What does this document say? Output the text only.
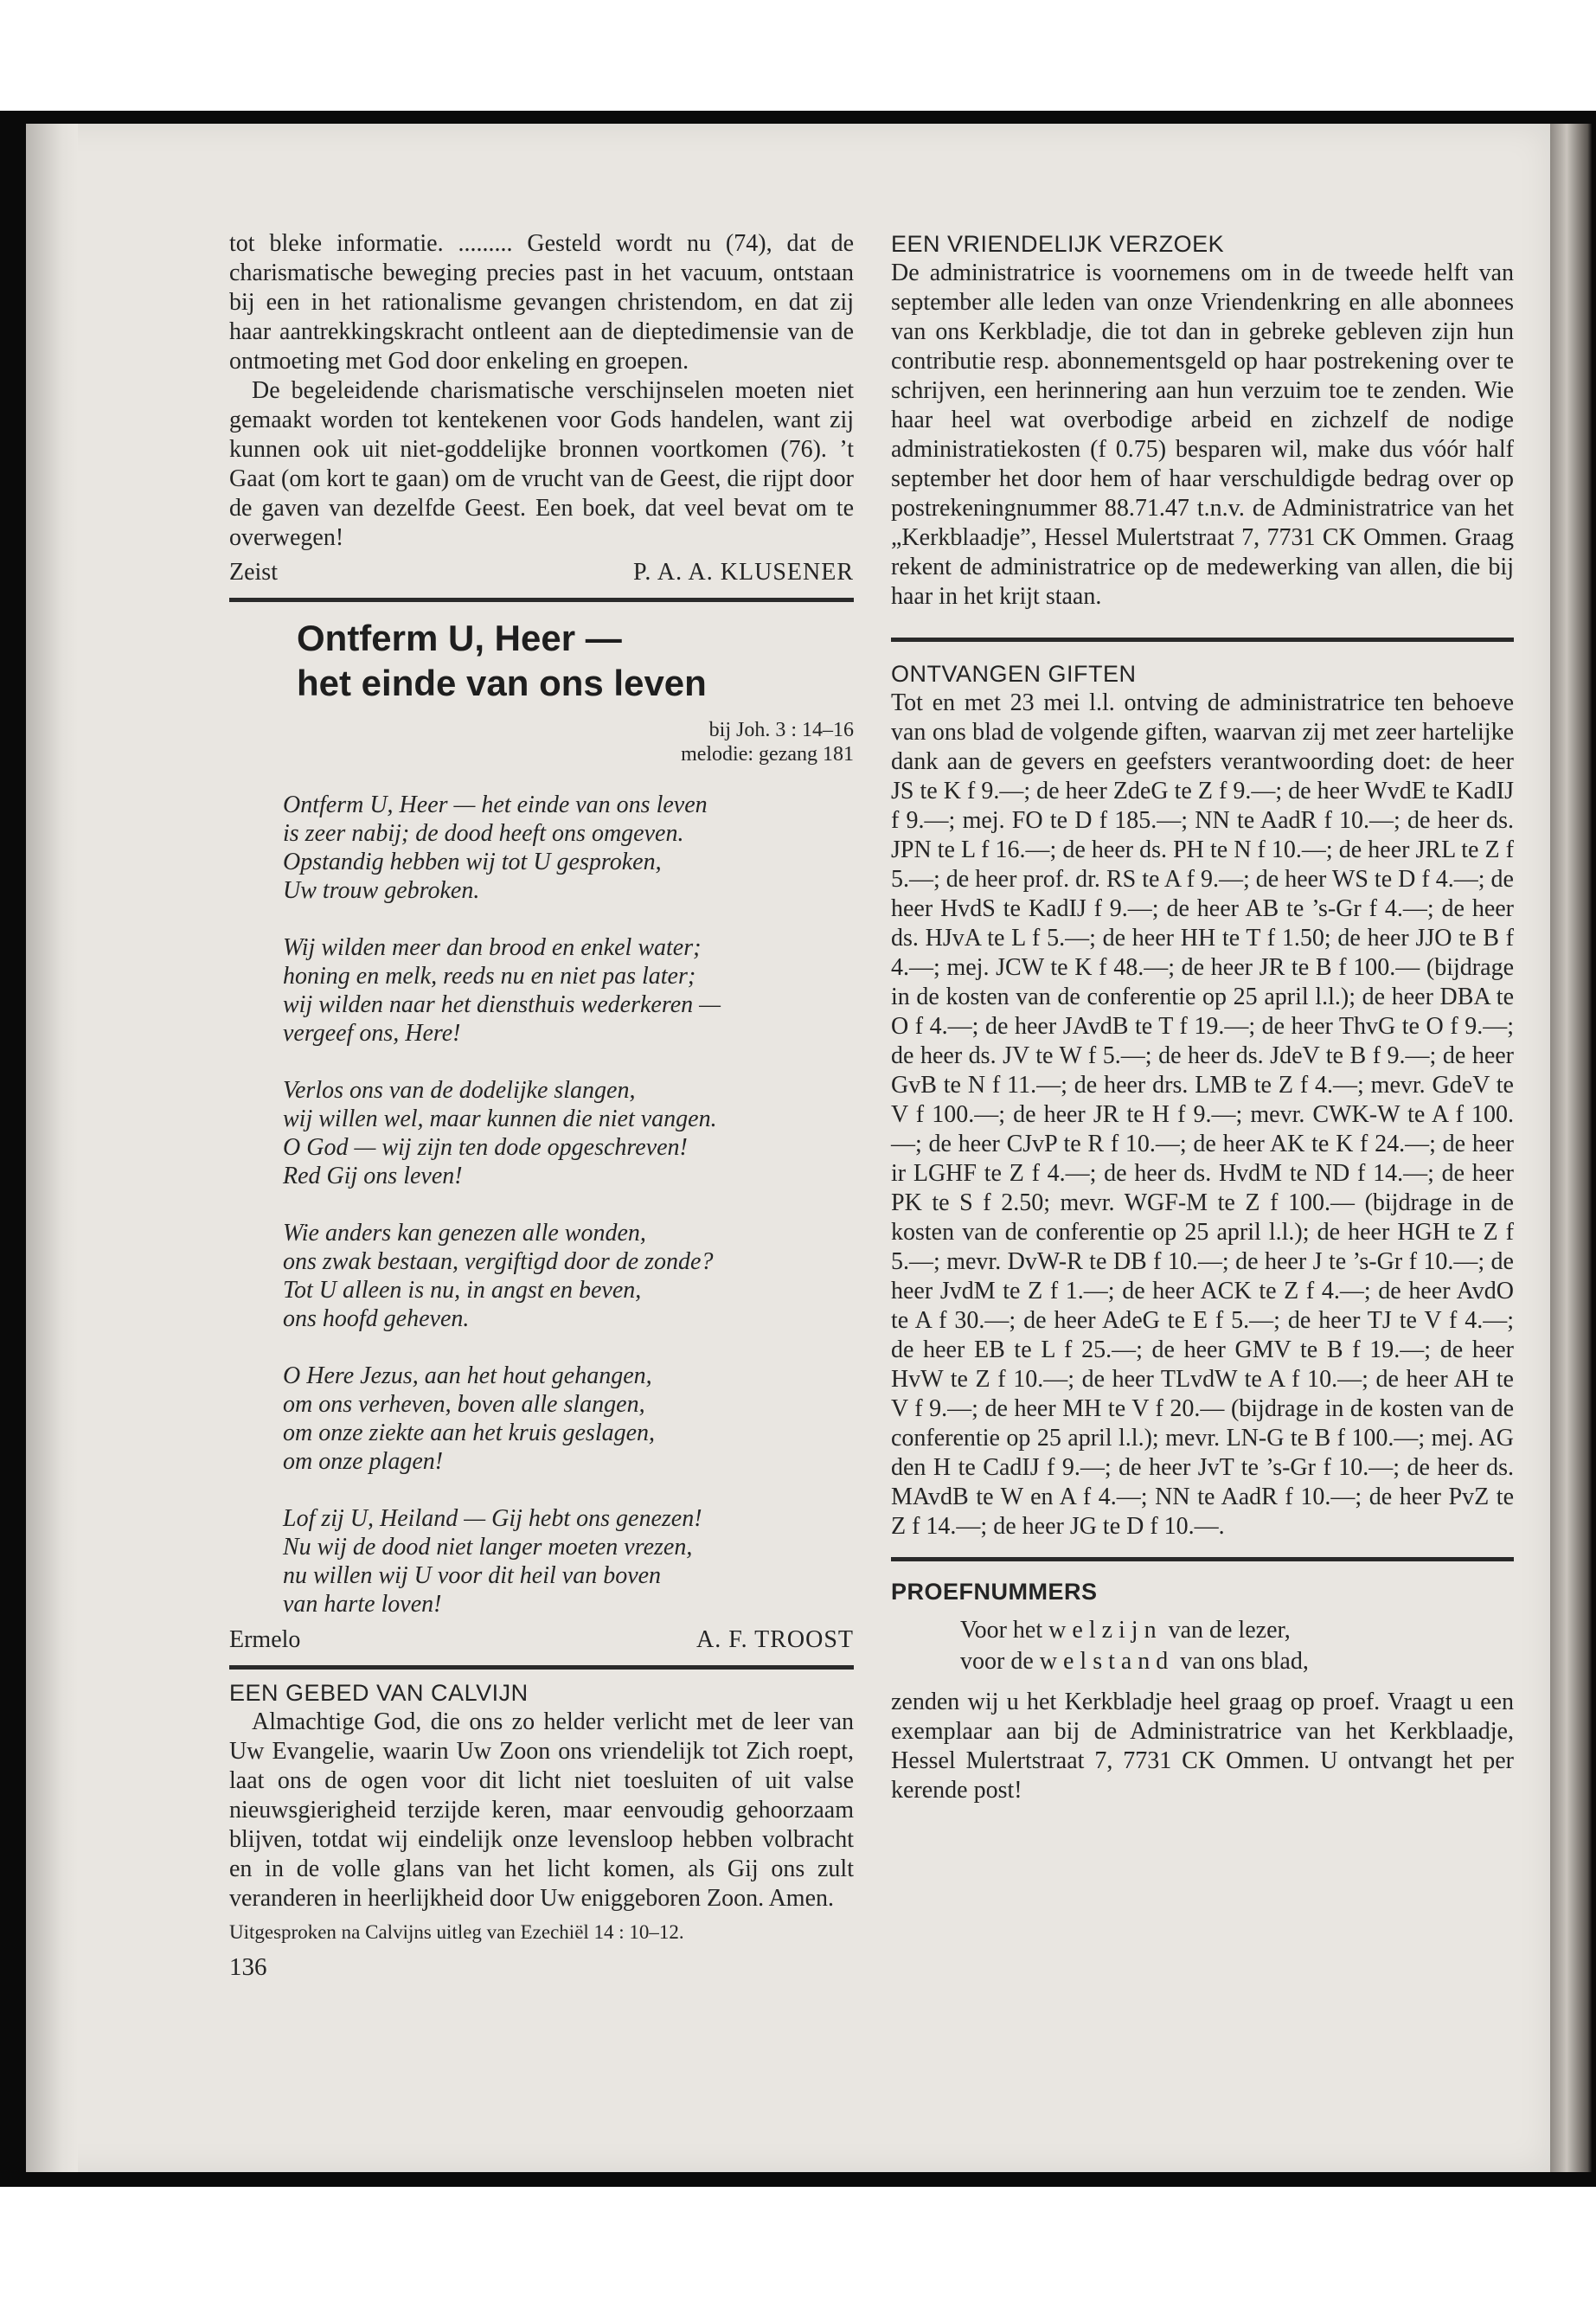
tot bleke informatie. ......... Gesteld wordt nu (74), dat de charismatische beweging precies past in het vacuum, ontstaan bij een in het rationalisme gevangen christendom, en dat zij haar aantrekkingskracht ontleent aan de dieptedimensie van de ontmoeting met God door enkeling en groepen.

De begeleidende charismatische verschijnselen moeten niet gemaakt worden tot kentekenen voor Gods handelen, want zij kunnen ook uit niet-goddelijke bronnen voortkomen (76). ’t Gaat (om kort te gaan) om de vrucht van de Geest, die rijpt door de gaven van dezelfde Geest. Een boek, dat veel bevat om te overwegen!

Zeist	P. A. A. KLUSENER
Ontferm U, Heer —
het einde van ons leven
bij Joh. 3 : 14–16
melodie: gezang 181
Ontferm U, Heer — het einde van ons leven
is zeer nabij; de dood heeft ons omgeven.
Opstandig hebben wij tot U gesproken,
Uw trouw gebroken.
Wij wilden meer dan brood en enkel water;
honing en melk, reeds nu en niet pas later;
wij wilden naar het diensthuis wederkeren —
vergeef ons, Here!
Verlos ons van de dodelijke slangen,
wij willen wel, maar kunnen die niet vangen.
O God — wij zijn ten dode opgeschreven!
Red Gij ons leven!
Wie anders kan genezen alle wonden,
ons zwak bestaan, vergiftigd door de zonde?
Tot U alleen is nu, in angst en beven,
ons hoofd geheven.
O Here Jezus, aan het hout gehangen,
om ons verheven, boven alle slangen,
om onze ziekte aan het kruis geslagen,
om onze plagen!
Lof zij U, Heiland — Gij hebt ons genezen!
Nu wij de dood niet langer moeten vrezen,
nu willen wij U voor dit heil van boven
van harte loven!
Ermelo	A. F. TROOST
EEN GEBED VAN CALVIJN

Almachtige God, die ons zo helder verlicht met de leer van Uw Evangelie, waarin Uw Zoon ons vriendelijk tot Zich roept, laat ons de ogen voor dit licht niet toesluiten of uit valse nieuwsgierigheid terzijde keren, maar eenvoudig gehoorzaam blijven, totdat wij eindelijk onze levensloop hebben volbracht en in de volle glans van het licht komen, als Gij ons zult veranderen in heerlijkheid door Uw eniggeboren Zoon. Amen.

Uitgesproken na Calvijns uitleg van Ezechiël 14 : 10–12.
136
EEN VRIENDELIJK VERZOEK

De administratrice is voornemens om in de tweede helft van september alle leden van onze Vriendenkring en alle abonnees van ons Kerkbladje, die tot dan in gebreke gebleven zijn hun contributie resp. abonnementsgeld op haar postrekening over te schrijven, een herinnering aan hun verzuim toe te zenden. Wie haar heel wat overbodige arbeid en zichzelf de nodige administratiekosten (f 0.75) besparen wil, make dus vóór half september het door hem of haar verschuldigde bedrag over op postrekeningnummer 88.71.47 t.n.v. de Administratrice van het „Kerkblaadje”, Hessel Mulertstraat 7, 7731 CK Ommen. Graag rekent de administratrice op de medewerking van allen, die bij haar in het krijt staan.

ONTVANGEN GIFTEN

Tot en met 23 mei l.l. ontving de administratrice ten behoeve van ons blad de volgende giften, waarvan zij met zeer hartelijke dank aan de gevers en geefsters verantwoording doet: de heer JS te K f 9.—; de heer ZdeG te Z f 9.—; de heer WvdE te KadIJ f 9.—; mej. FO te D f 185.—; NN te AadR f 10.—; de heer ds. JPN te L f 16.—; de heer ds. PH te N f 10.—; de heer JRL te Z f 5.—; de heer prof. dr. RS te A f 9.—; de heer WS te D f 4.—; de heer HvdS te KadIJ f 9.—; de heer AB te ’s-Gr f 4.—; de heer ds. HJvA te L f 5.—; de heer HH te T f 1.50; de heer JJO te B f 4.—; mej. JCW te K f 48.—; de heer JR te B f 100.— (bijdrage in de kosten van de conferentie op 25 april l.l.); de heer DBA te O f 4.—; de heer JAvdB te T f 19.—; de heer ThvG te O f 9.—; de heer ds. JV te W f 5.—; de heer ds. JdeV te B f 9.—; de heer GvB te N f 11.—; de heer drs. LMB te Z f 4.—; mevr. GdeV te V f 100.—; de heer JR te H f 9.—; mevr. CWK-W te A f 100.—; de heer CJvP te R f 10.—; de heer AK te K f 24.—; de heer ir LGHF te Z f 4.—; de heer ds. HvdM te ND f 14.—; de heer PK te S f 2.50; mevr. WGF-M te Z f 100.— (bijdrage in de kosten van de conferentie op 25 april l.l.); de heer HGH te Z f 5.—; mevr. DvW-R te DB f 10.—; de heer J te ’s-Gr f 10.—; de heer JvdM te Z f 1.—; de heer ACK te Z f 4.—; de heer AvdO te A f 30.—; de heer AdeG te E f 5.—; de heer TJ te V f 4.—; de heer EB te L f 25.—; de heer GMV te B f 19.—; de heer HvW te Z f 10.—; de heer TLvdW te A f 10.—; de heer AH te V f 9.—; de heer MH te V f 20.— (bijdrage in de kosten van de conferentie op 25 april l.l.); mevr. LN-G te B f 100.—; mej. AG den H te CadIJ f 9.—; de heer JvT te ’s-Gr f 10.—; de heer ds. MAvdB te W en A f 4.—; NN te AadR f 10.—; de heer PvZ te Z f 14.—; de heer JG te D f 10.—.

PROEFNUMMERS
Voor het welzijn van de lezer,
voor de welstand van ons blad,

zenden wij u het Kerkbladje heel graag op proef. Vraagt u een exemplaar aan bij de Administratrice van het Kerkblaadje, Hessel Mulertstraat 7, 7731 CK Ommen. U ontvangt het per kerende post!
